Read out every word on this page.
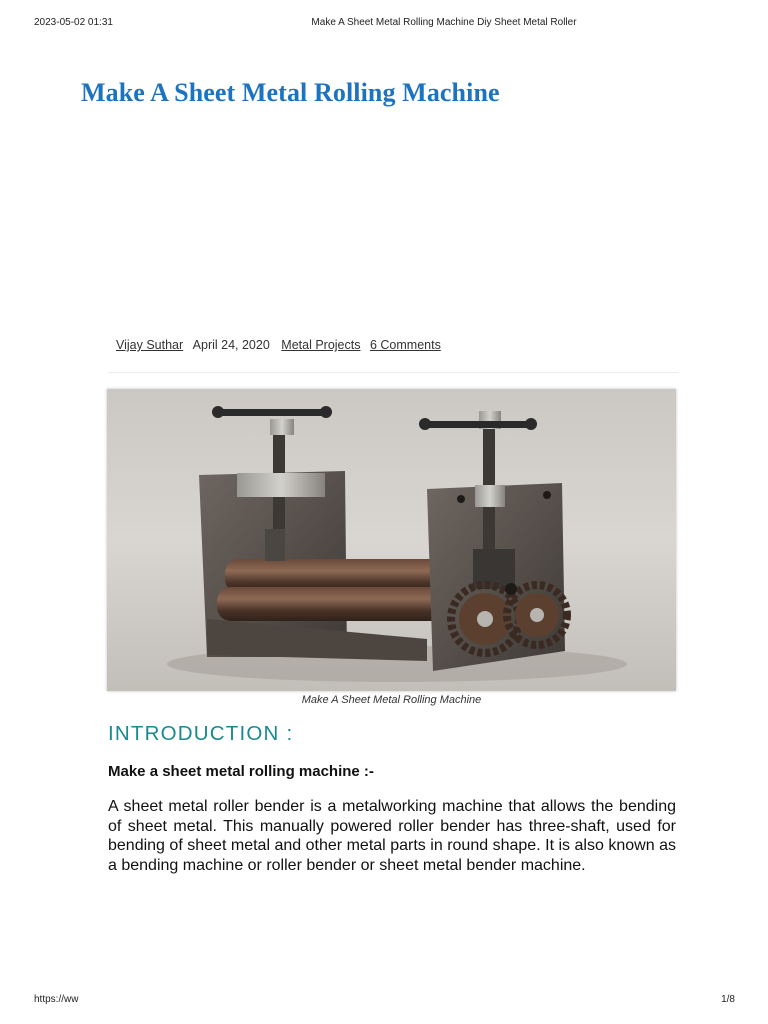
2023-05-02 01:31	Make A Sheet Metal Rolling Machine Diy Sheet Metal Roller
Make A Sheet Metal Rolling Machine
Vijay Suthar April 24, 2020 Metal Projects 6 Comments
Make A Sheet Metal Rolling Machine
INTRODUCTION :
Make a sheet metal rolling machine :-

A sheet metal roller bender is a metalworking machine that allows the bending of sheet metal. This manually powered roller bender has three-shaft, used for bending of sheet metal and other metal parts in round shape. It is also known as a bending machine or roller bender or sheet metal bender machine.

https://ww	1/8
